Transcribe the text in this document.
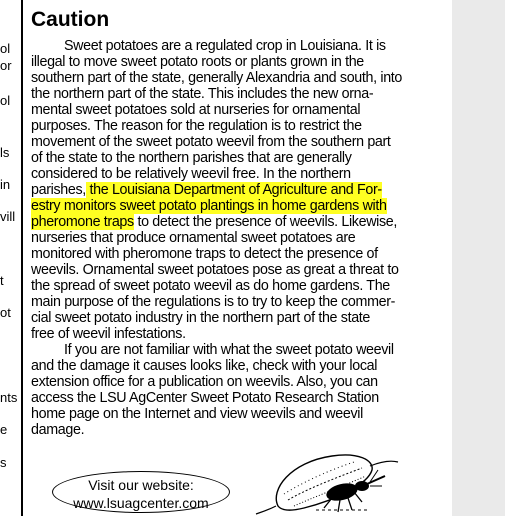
ol
or
ol
ls
in
vill
t
ot
nts
e
s
Caution

Sweet potatoes are a regulated crop in Louisiana. It is
illegal to move sweet potato roots or plants grown in the
southern part of the state, generally Alexandria and south, into
the northern part of the state. This includes the new orna-
mental sweet potatoes sold at nurseries for ornamental
purposes. The reason for the regulation is to restrict the
movement of the sweet potato weevil from the southern part
of the state to the northern parishes that are generally
considered to be relatively weevil free. In the northern
parishes, the Louisiana Department of Agriculture and For-
estry monitors sweet potato plantings in home gardens with
pheromone traps to detect the presence of weevils. Likewise,
nurseries that produce ornamental sweet potatoes are
monitored with pheromone traps to detect the presence of
weevils. Ornamental sweet potatoes pose as great a threat to
the spread of sweet potato weevil as do home gardens. The
main purpose of the regulations is to try to keep the commer-
cial sweet potato industry in the northern part of the state
free of weevil infestations.

If you are not familiar with what the sweet potato weevil
and the damage it causes looks like, check with your local
extension office for a publication on weevils. Also, you can
access the LSU AgCenter Sweet Potato Research Station
home page on the Internet and view weevils and weevil
damage.

Visit our website:
www.lsuagcenter.com
